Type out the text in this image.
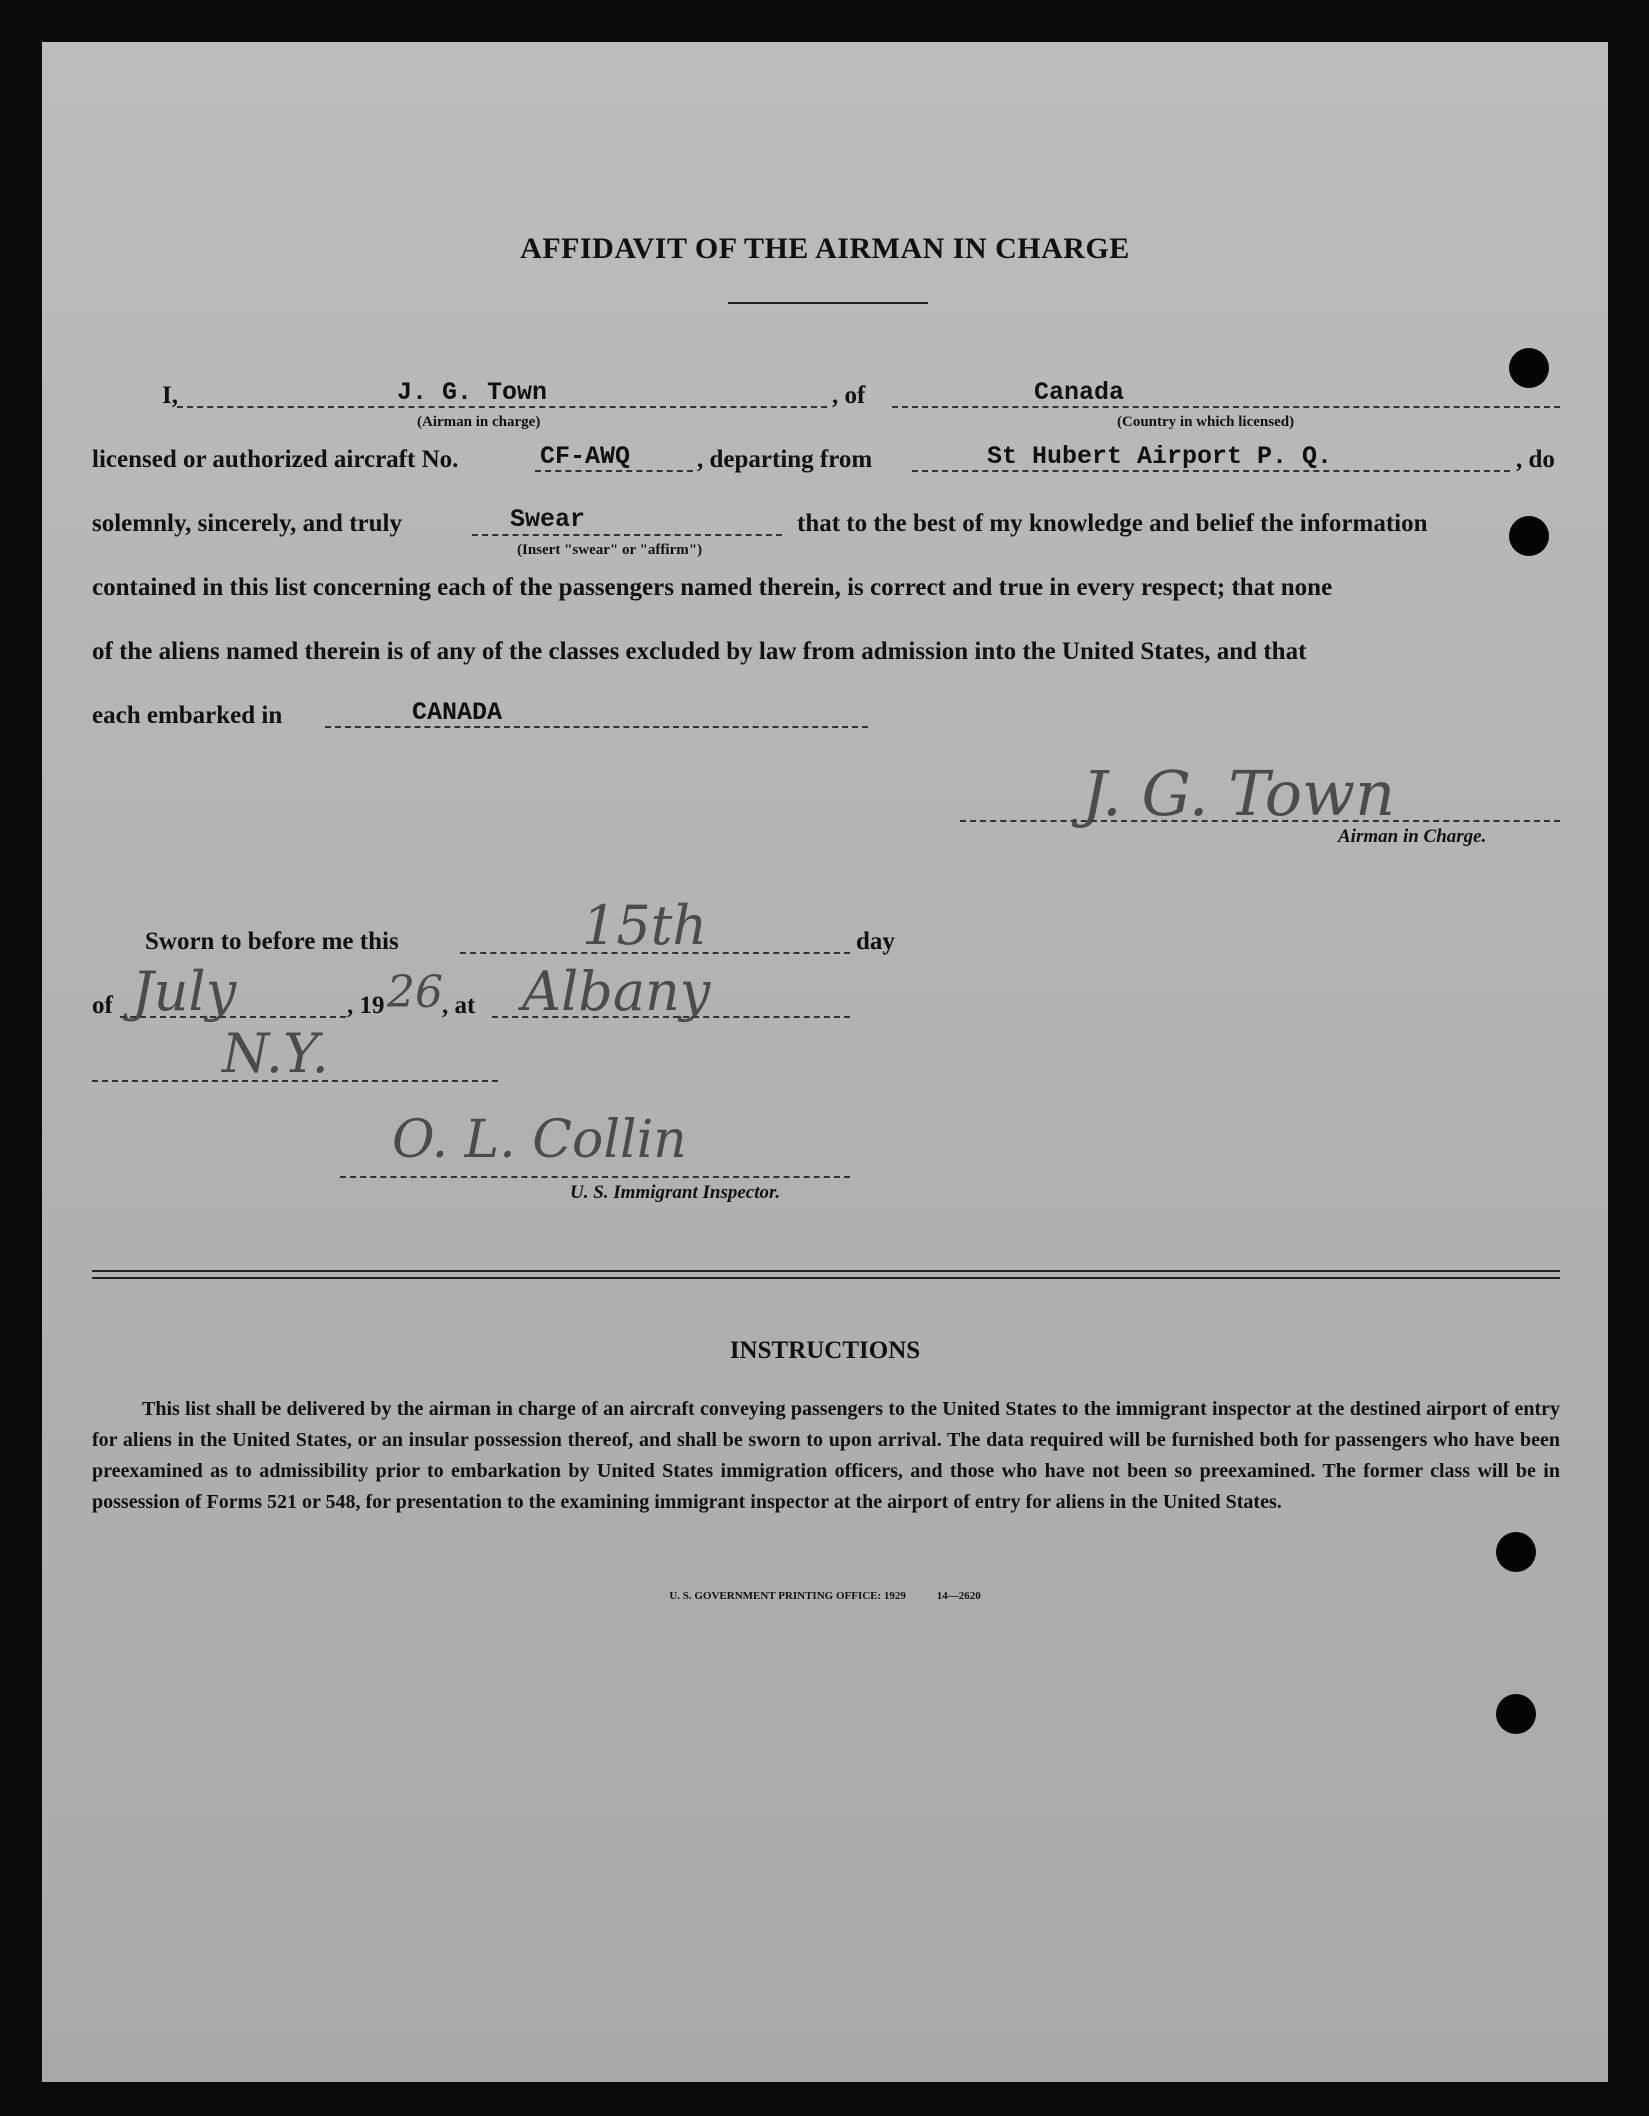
AFFIDAVIT OF THE AIRMAN IN CHARGE
I,	J. G. Town
(Airman in charge)
, of	Canada
(Country in which licensed)
licensed or authorized aircraft No.	CF-AWQ	, departing from	St Hubert Airport P. Q.	, do
solemnly, sincerely, and truly	Swear
(Insert "swear" or "affirm")
that to the best of my knowledge and belief the information
contained in this list concerning each of the passengers named therein, is correct and true in every respect; that none
of the aliens named therein is of any of the classes excluded by law from admission into the United States, and that
each embarked in	CANADA
J. G. Town
Airman in Charge.
Sworn to before me this	15th	day
of July	, 19 26 , at Albany
N.Y.
O. L. Collin
U. S. Immigrant Inspector.
INSTRUCTIONS
This list shall be delivered by the airman in charge of an aircraft conveying passengers to the United States to the immigrant inspector at the destined airport of entry for aliens in the United States, or an insular possession thereof, and shall be sworn to upon arrival. The data required will be furnished both for passengers who have been preexamined as to admissibility prior to embarkation by United States immigration officers, and those who have not been so preexamined. The former class will be in possession of Forms 521 or 548, for presentation to the examining immigrant inspector at the airport of entry for aliens in the United States.
U. S. GOVERNMENT PRINTING OFFICE: 1929	14—2620
